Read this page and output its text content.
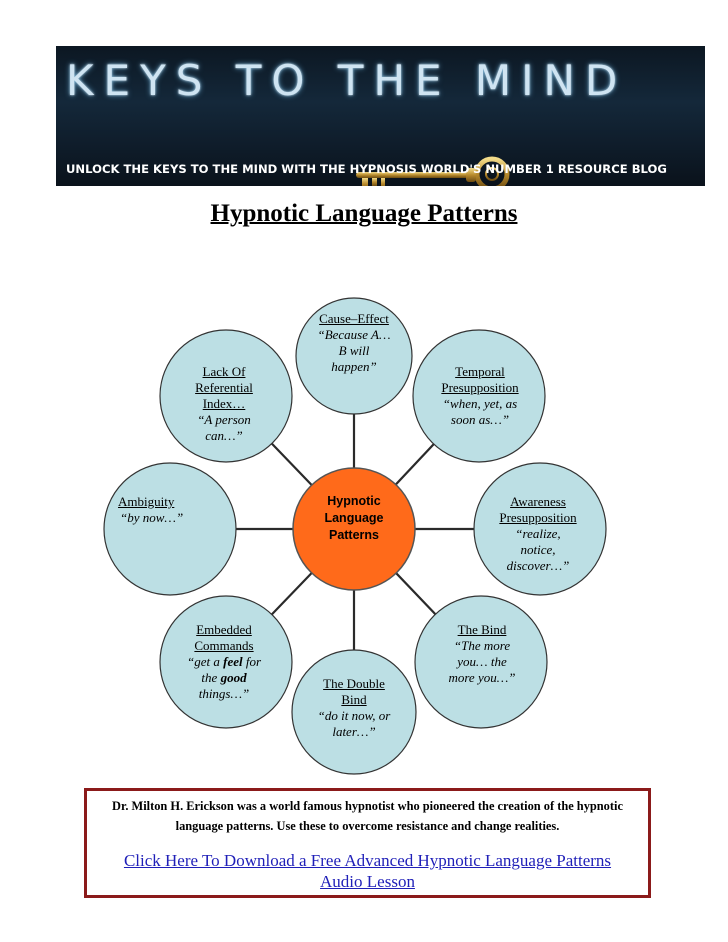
KEYS TO THE MIND
UNLOCK THE KEYS TO THE MIND WITH THE HYPNOSIS WORLD'S NUMBER 1 RESOURCE BLOG
Hypnotic Language Patterns
Hypnotic
Language
Patterns
Cause–Effect
“Because A…
B will
happen”	Temporal
Presupposition
“when, yet, as
soon as…”
Awareness
Presupposition
“realize,
notice,
discover…”
The Bind
“The more
you… the
more you…”
The Double
Bind
“do it now, or
later…”
Embedded
Commands
“get a feel for
the good
things…”
Ambiguity
“by now…”
Lack Of
Referential
Index…
“A person
can…”
Dr. Milton H. Erickson was a world famous hypnotist who pioneered the creation of the hypnotic language patterns. Use these to overcome resistance and change realities.
Click Here To Download a Free Advanced Hypnotic Language Patterns Audio Lesson
